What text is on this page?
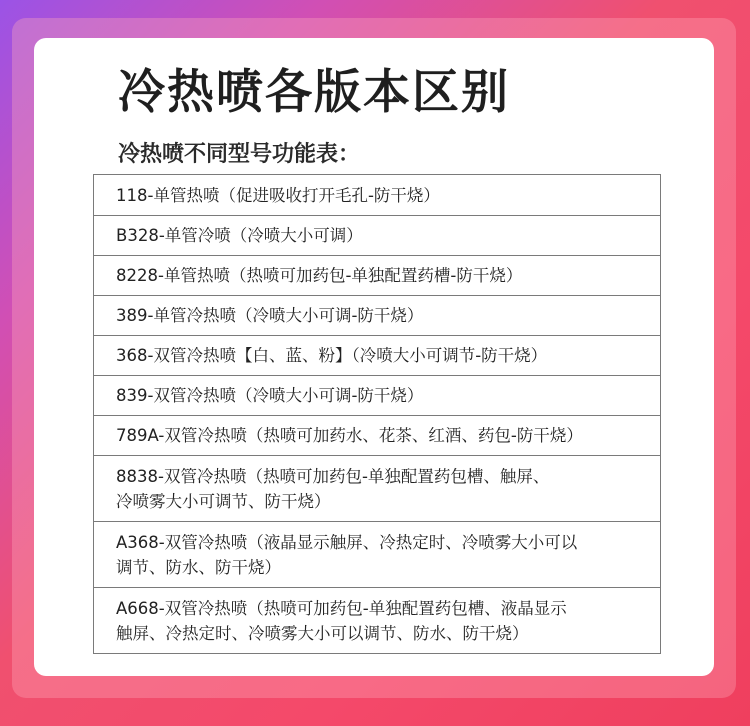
冷热喷各版本区别
冷热喷不同型号功能表：
118-单管热喷（促进吸收打开毛孔-防干烧）
B328-单管冷喷（冷喷大小可调）
8228-单管热喷（热喷可加药包-单独配置药槽-防干烧）
389-单管冷热喷（冷喷大小可调-防干烧）
368-双管冷热喷【白、蓝、粉】（冷喷大小可调节-防干烧）
839-双管冷热喷（冷喷大小可调-防干烧）
789A-双管冷热喷（热喷可加药水、花茶、红酒、药包-防干烧）
8838-双管冷热喷（热喷可加药包-单独配置药包槽、触屏、
冷喷雾大小可调节、防干烧）
A368-双管冷热喷（液晶显示触屏、冷热定时、冷喷雾大小可以
调节、防水、防干烧）
A668-双管冷热喷（热喷可加药包-单独配置药包槽、液晶显示
触屏、冷热定时、冷喷雾大小可以调节、防水、防干烧）
